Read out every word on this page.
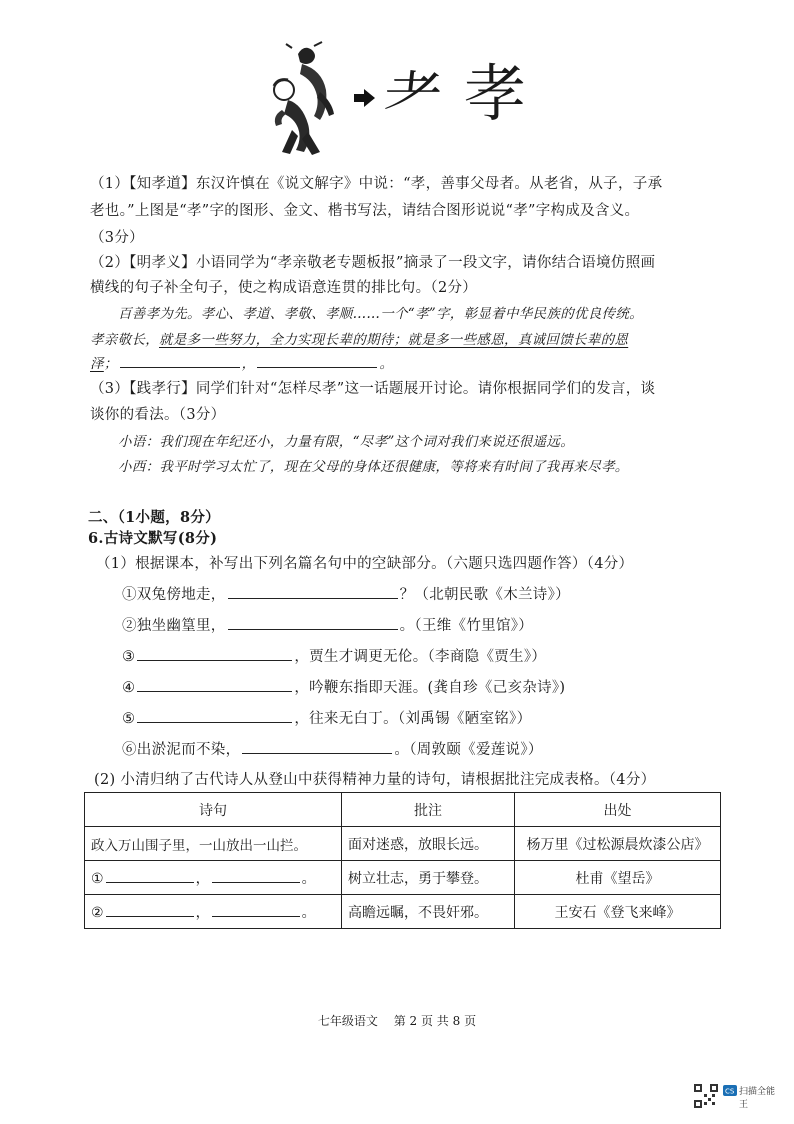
耂 孝
（1）【知孝道】东汉许慎在《说文解字》中说：“孝，善事父母者。从老省，从子，子承
老也。”上图是“孝”字的图形、金文、楷书写法，请结合图形说说“孝”字构成及含义。
（3分）
（2）【明孝义】小语同学为“孝亲敬老专题板报”摘录了一段文字，请你结合语境仿照画
横线的句子补全句子，使之构成语意连贯的排比句。（2分）
百善孝为先。孝心、孝道、孝敬、孝顺……一个“孝”字，彰显着中华民族的优良传统。
孝亲敬长，就是多一些努力，全力实现长辈的期待；就是多一些感恩，真诚回馈长辈的恩
泽；	，	。
（3）【践孝行】同学们针对“怎样尽孝”这一话题展开讨论。请你根据同学们的发言，谈
谈你的看法。（3分）
小语：我们现在年纪还小，力量有限，“尽孝”这个词对我们来说还很遥远。
小西：我平时学习太忙了，现在父母的身体还很健康，等将来有时间了我再来尽孝。
二、（1小题，8分）
6.古诗文默写(8分)
（1）根据课本，补写出下列名篇名句中的空缺部分。（六题只选四题作答）（4分）
①双兔傍地走，	？（北朝民歌《木兰诗》）
②独坐幽篁里，	。（王维《竹里馆》）
③	，贾生才调更无伦。（李商隐《贾生》）
④	，吟鞭东指即天涯。(龚自珍《己亥杂诗》)
⑤	，往来无白丁。（刘禹锡《陋室铭》）
⑥出淤泥而不染，	。（周敦颐《爱莲说》）
(2) 小清归纳了古代诗人从登山中获得精神力量的诗句，请根据批注完成表格。（4分）
诗句	批注	出处
政入万山围子里，一山放出一山拦。	面对迷惑，放眼长远。	杨万里《过松源晨炊漆公店》
① ， 。	树立壮志，勇于攀登。	杜甫《望岳》
② ， 。	高瞻远瞩，不畏奸邪。	王安石《登飞来峰》
七年级语文　 第 2 页 共 8 页
CS 扫描全能王
